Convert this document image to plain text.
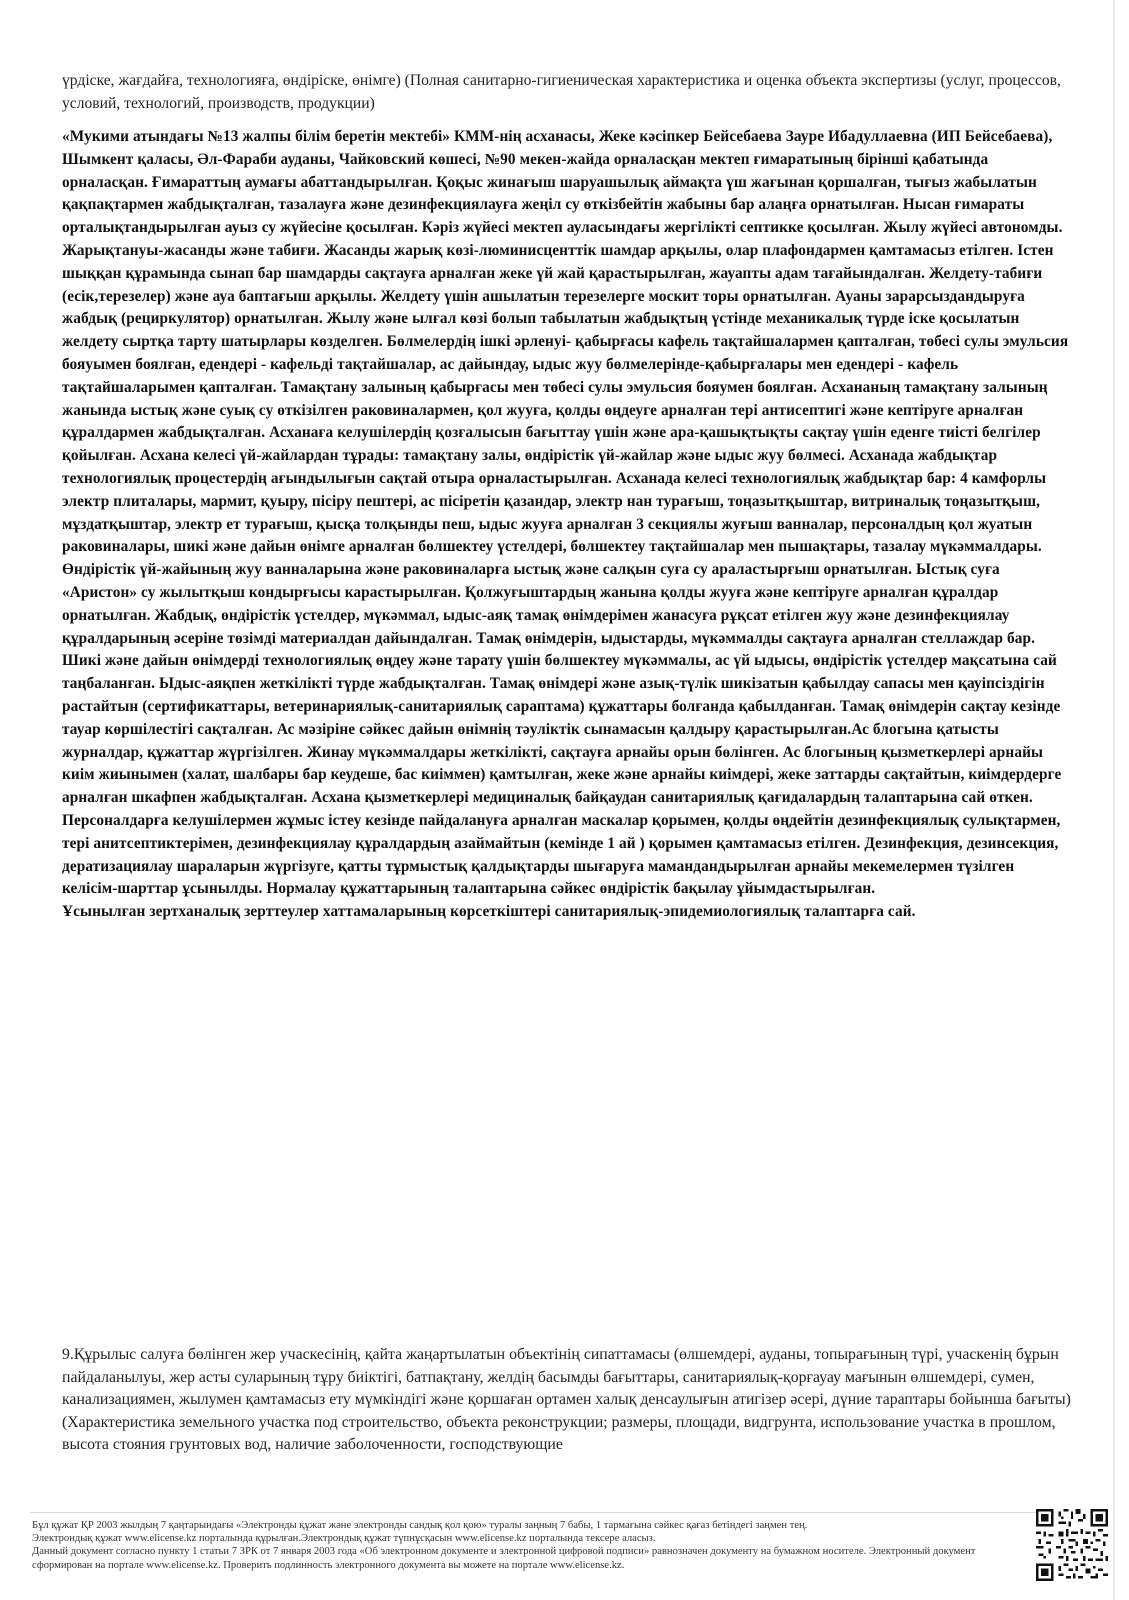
үрдіске, жағдайға, технологияға, өндіріске, өнімге) (Полная санитарно-гигиеническая характеристика и оценка объекта экспертизы (услуг, процессов, условий, технологий, производств, продукции)

«Мукими атындағы №13 жалпы білім беретін мектебі» КММ-нің асханасы, Жеке кәсіпкер Бейсебаева Зауре Ибадуллаевна (ИП Бейсебаева), Шымкент қаласы, Әл-Фараби ауданы, Чайковский көшесі, №90 мекен-жайда орналасқан мектеп ғимаратының бірінші қабатында орналасқан. Ғимараттың аумағы абаттандырылған. Қоқыс жинағыш шаруашылық аймақта үш жағынан қоршалған, тығыз жабылатын қақпақтармен жабдықталған, тазалауға және дезинфекциялауға жеңіл су өткізбейтін жабыны бар алаңға орнатылған. Нысан ғимараты орталықтандырылған ауыз су жүйесіне қосылған. Кәріз жүйесі мектеп ауласындағы жергілікті септикке қосылған. Жылу жүйесі автономды. Жарықтануы-жасанды және табиғи. Жасанды жарық көзі-люминисценттік шамдар арқылы, олар плафондармен қамтамасыз етілген. Істен шыққан құрамында сынап бар шамдарды сақтауға арналған жеке үй жай қарастырылған, жауапты адам тағайындалған. Желдету-табиғи (есік,терезелер) және ауа баптағыш арқылы. Желдету үшін ашылатын терезелерге москит торы орнатылған. Ауаны зарарсыздандыруға жабдық (рециркулятор) орнатылған. Жылу және ылғал көзі болып табылатын жабдықтың үстінде механикалық түрде іске қосылатын желдету сыртқа тарту шатырлары көзделген. Бөлмелердің ішкі әрленуі- қабырғасы кафель тақтайшалармен қапталған, төбесі сулы эмульсия бояуымен боялған, едендері - кафельді тақтайшалар, ас дайындау, ыдыс жуу бөлмелерінде-қабырғалары мен едендері - кафель тақтайшаларымен қапталған. Тамақтану залының қабырғасы мен төбесі сулы эмульсия бояумен боялған. Асхананың тамақтану залының жанында ыстық және суық су өткізілген раковиналармен, қол жууға, қолды өңдеуге арналған тері антисептигі және кептіруге арналған құралдармен жабдықталған. Асханаға келушілердің қозғалысын бағыттау үшін және ара-қашықтықты сақтау үшін еденге тиісті белгілер қойылған. Асхана келесі үй-жайлардан тұрады: тамақтану залы, өндірістік үй-жайлар және ыдыс жуу бөлмесі. Асханада жабдықтар технологиялық процестердің ағындылығын сақтай отыра орналастырылған. Асханада келесі технологиялық жабдықтар бар: 4 камфорлы электр плиталары, мармит, қуыру, пісіру пештері, ас пісіретін қазандар, электр нан турағыш, тоңазытқыштар, витриналық тоңазытқыш, мұздатқыштар, электр ет турағыш, қысқа толқынды пеш, ыдыс жууға арналған 3 секциялы жуғыш ванналар, персоналдың қол жуатын раковиналары, шикі және дайын өнімге арналған бөлшектеу үстелдері, бөлшектеу тақтайшалар мен пышақтары, тазалау мүкәммалдары. Өндірістік үй-жайының жуу ванналарына және раковиналарға ыстық және салқын суға су араластырғыш орнатылған. Ыстық суға «Аристон» су жылытқыш кондырғысы карастырылған. Қолжуғыштардың жанына қолды жууға және кептіруге арналған құралдар орнатылған. Жабдық, өндірістік үстелдер, мүкәммал, ыдыс-аяқ тамақ өнімдерімен жанасуға рұқсат етілген жуу және дезинфекциялау құралдарының әсеріне төзімді материалдан дайындалған. Тамақ өнімдерін, ыдыстарды, мүкәммалды сақтауға арналған стеллаждар бар. Шикі және дайын өнімдерді технологиялық өңдеу және тарату үшін бөлшектеу мүкәммалы, ас үй ыдысы, өндірістік үстелдер мақсатына сай таңбаланған. Ыдыс-аяқпен жеткілікті түрде жабдықталған. Тамақ өнімдері және азық-түлік шикізатын қабылдау сапасы мен қауіпсіздігін растайтын (сертификаттары, ветеринариялық-санитариялық сараптама) құжаттары болғанда қабылданған. Тамақ өнімдерін сақтау кезінде тауар көршілестігі сақталған. Ас мәзіріне сәйкес дайын өнімнің тәуліктік сынамасын қалдыру қарастырылған.Ас блогына қатысты журналдар, құжаттар жүргізілген. Жинау мүкәммалдары жеткілікті, сақтауға арнайы орын бөлінген. Ас блогының қызметкерлері арнайы киім жиынымен (халат, шалбары бар кеудеше, бас киіммен) қамтылған, жеке және арнайы киімдері, жеке заттарды сақтайтын, киімдердерге арналған шкафпен жабдықталған. Асхана қызметкерлері медициналық байқаудан санитариялық қағидалардың талаптарына сай өткен.

Персоналдарға келушілермен жұмыс істеу кезінде пайдалануға арналған маскалар қорымен, қолды өңдейтін дезинфекциялық сулықтармен, тері анитсептиктерімен, дезинфекциялау құралдардың азаймайтын (кемінде 1 ай ) қорымен қамтамасыз етілген. Дезинфекция, дезинсекция, дератизациялау шараларын жүргізуге, қатты тұрмыстық қалдықтарды шығаруға мамандандырылған арнайы мекемелермен түзілген келісім-шарттар ұсынылды. Нормалау құжаттарының талаптарына сәйкес өндірістік бақылау ұйымдастырылған.

Ұсынылған зертханалық зерттеулер хаттамаларының көрсеткіштері санитариялық-эпидемиологиялық талаптарға сай.

9.Құрылыс салуға бөлінген жер учаскесінің, қайта жаңартылатын объектінің сипаттамасы (өлшемдері, ауданы, топырағының түрі, учаскенің бұрын пайдаланылуы, жер асты суларының тұру биіктігі, батпақтану, желдің басымды бағыттары, санитариялық-қорғауау мағынын өлшемдері, сумен, канализациямен, жылумен қамтамасыз ету мүмкіндігі және қоршаған ортамен халық денсаулығын атигізер әсері, дүние тараптары бойынша бағыты) (Характеристика земельного участка под строительство, объекта реконструкции; размеры, площади, видгрунта, использование участка в прошлом, высота стояния грунтовых вод, наличие заболоченности, господствующие

Бұл құжат ҚР 2003 жылдың 7 қаңтарындағы «Электронды құжат және электронды сандық қол қою» туралы заңның 7 бабы, 1 тармағына сәйкес қағаз бетіндегі заңмен тең.

Электрондық құжат www.elicense.kz порталында құрылған.Электрондық құжат түпнұсқасын www.elicense.kz порталында тексере аласыз.

Данный документ согласно пункту 1 статьи 7 ЗРК от 7 января 2003 года «Об электронном документе и электронной цифровой подписи» равнозначен документу на бумажном носителе. Электронный документ сформирован на портале www.elicense.kz. Проверить подлинность электронного документа вы можете на портале www.elicense.kz.
